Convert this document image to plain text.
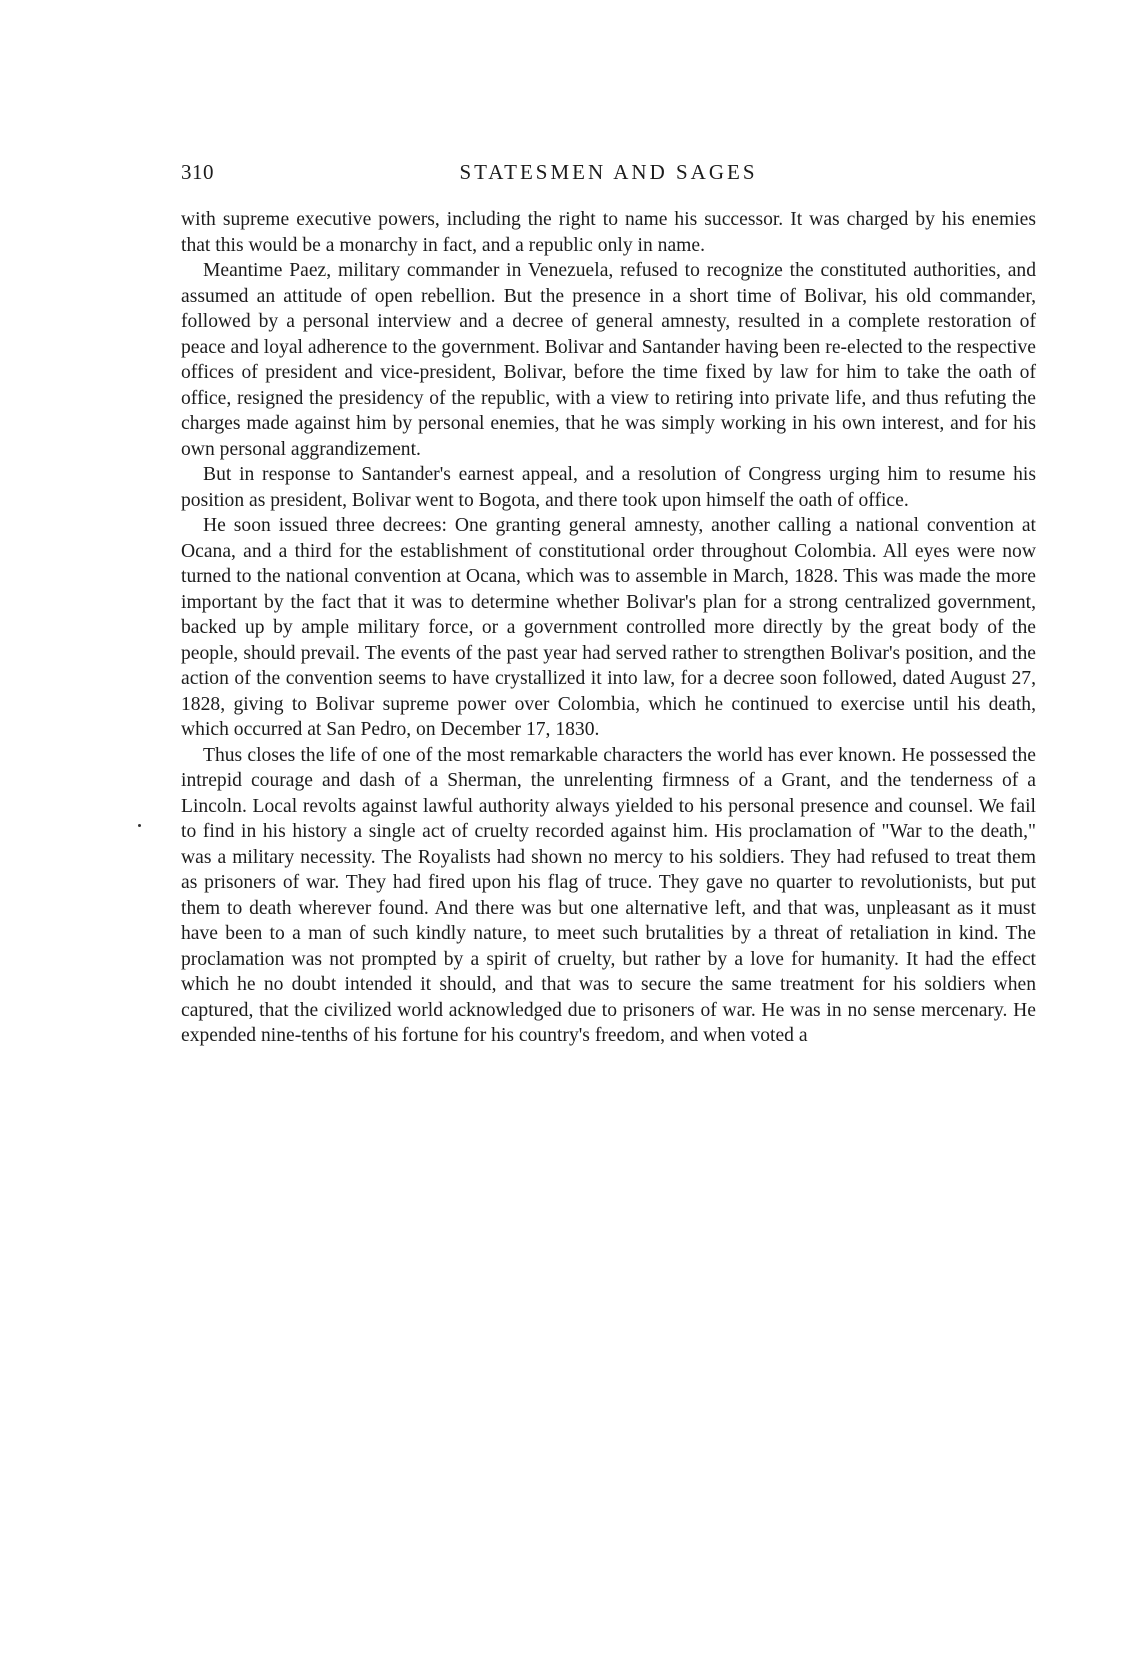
310	STATESMEN AND SAGES

with supreme executive powers, including the right to name his successor. It was charged by his enemies that this would be a monarchy in fact, and a republic only in name.

Meantime Paez, military commander in Venezuela, refused to recognize the constituted authorities, and assumed an attitude of open rebellion. But the presence in a short time of Bolivar, his old commander, followed by a personal interview and a decree of general amnesty, resulted in a complete restoration of peace and loyal adherence to the government. Bolivar and Santander having been re-elected to the respective offices of president and vice-president, Bolivar, before the time fixed by law for him to take the oath of office, resigned the presidency of the republic, with a view to retiring into private life, and thus refuting the charges made against him by personal enemies, that he was simply working in his own interest, and for his own personal aggrandizement.

But in response to Santander's earnest appeal, and a resolution of Congress urging him to resume his position as president, Bolivar went to Bogota, and there took upon himself the oath of office.

He soon issued three decrees: One granting general amnesty, another calling a national convention at Ocana, and a third for the establishment of constitutional order throughout Colombia. All eyes were now turned to the national convention at Ocana, which was to assemble in March, 1828. This was made the more important by the fact that it was to determine whether Bolivar's plan for a strong centralized government, backed up by ample military force, or a government controlled more directly by the great body of the people, should prevail. The events of the past year had served rather to strengthen Bolivar's position, and the action of the convention seems to have crystallized it into law, for a decree soon followed, dated August 27, 1828, giving to Bolivar supreme power over Colombia, which he continued to exercise until his death, which occurred at San Pedro, on December 17, 1830.

Thus closes the life of one of the most remarkable characters the world has ever known. He possessed the intrepid courage and dash of a Sherman, the unrelenting firmness of a Grant, and the tenderness of a Lincoln. Local revolts against lawful authority always yielded to his personal presence and counsel. We fail to find in his history a single act of cruelty recorded against him. His proclamation of "War to the death," was a military necessity. The Royalists had shown no mercy to his soldiers. They had refused to treat them as prisoners of war. They had fired upon his flag of truce. They gave no quarter to revolutionists, but put them to death wherever found. And there was but one alternative left, and that was, unpleasant as it must have been to a man of such kindly nature, to meet such brutalities by a threat of retaliation in kind. The proclamation was not prompted by a spirit of cruelty, but rather by a love for humanity. It had the effect which he no doubt intended it should, and that was to secure the same treatment for his soldiers when captured, that the civilized world acknowledged due to prisoners of war. He was in no sense mercenary. He expended nine-tenths of his fortune for his country's freedom, and when voted a
